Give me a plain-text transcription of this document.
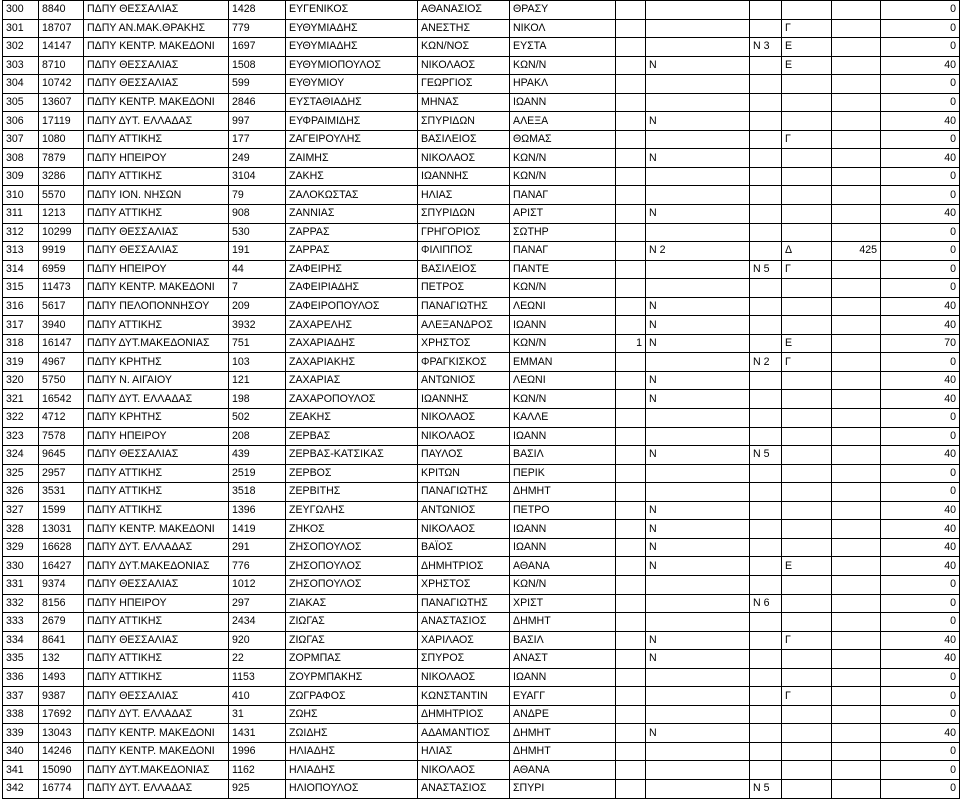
300	8840	ΠΔΠΥ ΘΕΣΣΑΛΙΑΣ	1428	ΕΥΓΕΝΙΚΟΣ	ΑΘΑΝΑΣΙΟΣ	ΘΡΑΣΥ						0
301	18707	ΠΔΠΥ ΑΝ.ΜΑΚ.ΘΡΑΚΗΣ	779	ΕΥΘΥΜΙΑΔΗΣ	ΑΝΕΣΤΗΣ	ΝΙΚΟΛ				Γ		0
302	14147	ΠΔΠΥ ΚΕΝΤΡ. ΜΑΚΕΔΟΝΙ	1697	ΕΥΘΥΜΙΑΔΗΣ	ΚΩΝ/ΝΟΣ	ΕΥΣΤΑ			Ν 3	Ε		0
303	8710	ΠΔΠΥ ΘΕΣΣΑΛΙΑΣ	1508	ΕΥΘΥΜΙΟΠΟΥΛΟΣ	ΝΙΚΟΛΑΟΣ	ΚΩΝ/Ν		Ν		Ε		40
304	10742	ΠΔΠΥ ΘΕΣΣΑΛΙΑΣ	599	ΕΥΘΥΜΙΟΥ	ΓΕΩΡΓΙΟΣ	ΗΡΑΚΛ						0
305	13607	ΠΔΠΥ ΚΕΝΤΡ. ΜΑΚΕΔΟΝΙ	2846	ΕΥΣΤΑΘΙΑΔΗΣ	ΜΗΝΑΣ	ΙΩΑΝΝ						0
306	17119	ΠΔΠΥ ΔΥΤ. ΕΛΛΑΔΑΣ	997	ΕΥΦΡΑΙΜΙΔΗΣ	ΣΠΥΡΙΔΩΝ	ΑΛΕΞΑ		Ν				40
307	1080	ΠΔΠΥ ΑΤΤΙΚΗΣ	177	ΖΑΓΕΙΡΟΥΛΗΣ	ΒΑΣΙΛΕΙΟΣ	ΘΩΜΑΣ				Γ		0
308	7879	ΠΔΠΥ ΗΠΕΙΡΟΥ	249	ΖΑΙΜΗΣ	ΝΙΚΟΛΑΟΣ	ΚΩΝ/Ν		Ν				40
309	3286	ΠΔΠΥ ΑΤΤΙΚΗΣ	3104	ΖΑΚΗΣ	ΙΩΑΝΝΗΣ	ΚΩΝ/Ν						0
310	5570	ΠΔΠΥ ΙΟΝ. ΝΗΣΩΝ	79	ΖΑΛΟΚΩΣΤΑΣ	ΗΛΙΑΣ	ΠΑΝΑΓ						0
311	1213	ΠΔΠΥ ΑΤΤΙΚΗΣ	908	ΖΑΝΝΙΑΣ	ΣΠΥΡΙΔΩΝ	ΑΡΙΣΤ		Ν				40
312	10299	ΠΔΠΥ ΘΕΣΣΑΛΙΑΣ	530	ΖΑΡΡΑΣ	ΓΡΗΓΟΡΙΟΣ	ΣΩΤΗΡ						0
313	9919	ΠΔΠΥ ΘΕΣΣΑΛΙΑΣ	191	ΖΑΡΡΑΣ	ΦΙΛΙΠΠΟΣ	ΠΑΝΑΓ		Ν 2		Δ	425	0
314	6959	ΠΔΠΥ ΗΠΕΙΡΟΥ	44	ΖΑΦΕΙΡΗΣ	ΒΑΣΙΛΕΙΟΣ	ΠΑΝΤΕ			Ν 5	Γ		0
315	11473	ΠΔΠΥ ΚΕΝΤΡ. ΜΑΚΕΔΟΝΙ	7	ΖΑΦΕΙΡΙΑΔΗΣ	ΠΕΤΡΟΣ	ΚΩΝ/Ν						0
316	5617	ΠΔΠΥ ΠΕΛΟΠΟΝΝΗΣΟΥ	209	ΖΑΦΕΙΡΟΠΟΥΛΟΣ	ΠΑΝΑΓΙΩΤΗΣ	ΛΕΩΝΙ		Ν				40
317	3940	ΠΔΠΥ ΑΤΤΙΚΗΣ	3932	ΖΑΧΑΡΕΛΗΣ	ΑΛΕΞΑΝΔΡΟΣ	ΙΩΑΝΝ		Ν				40
318	16147	ΠΔΠΥ ΔΥΤ.ΜΑΚΕΔΟΝΙΑΣ	751	ΖΑΧΑΡΙΑΔΗΣ	ΧΡΗΣΤΟΣ	ΚΩΝ/Ν	1	Ν		Ε		70
319	4967	ΠΔΠΥ ΚΡΗΤΗΣ	103	ΖΑΧΑΡΙΑΚΗΣ	ΦΡΑΓΚΙΣΚΟΣ	ΕΜΜΑΝ			Ν 2	Γ		0
320	5750	ΠΔΠΥ Ν. ΑΙΓΑΙΟΥ	121	ΖΑΧΑΡΙΑΣ	ΑΝΤΩΝΙΟΣ	ΛΕΩΝΙ		Ν				40
321	16542	ΠΔΠΥ ΔΥΤ. ΕΛΛΑΔΑΣ	198	ΖΑΧΑΡΟΠΟΥΛΟΣ	ΙΩΑΝΝΗΣ	ΚΩΝ/Ν		Ν				40
322	4712	ΠΔΠΥ ΚΡΗΤΗΣ	502	ΖΕΑΚΗΣ	ΝΙΚΟΛΑΟΣ	ΚΑΛΛΕ						0
323	7578	ΠΔΠΥ ΗΠΕΙΡΟΥ	208	ΖΕΡΒΑΣ	ΝΙΚΟΛΑΟΣ	ΙΩΑΝΝ						0
324	9645	ΠΔΠΥ ΘΕΣΣΑΛΙΑΣ	439	ΖΕΡΒΑΣ-ΚΑΤΣΙΚΑΣ	ΠΑΥΛΟΣ	ΒΑΣΙΛ		Ν	Ν 5			40
325	2957	ΠΔΠΥ ΑΤΤΙΚΗΣ	2519	ΖΕΡΒΟΣ	ΚΡΙΤΩΝ	ΠΕΡΙΚ						0
326	3531	ΠΔΠΥ ΑΤΤΙΚΗΣ	3518	ΖΕΡΒΙΤΗΣ	ΠΑΝΑΓΙΩΤΗΣ	ΔΗΜΗΤ						0
327	1599	ΠΔΠΥ ΑΤΤΙΚΗΣ	1396	ΖΕΥΓΩΛΗΣ	ΑΝΤΩΝΙΟΣ	ΠΕΤΡΟ		Ν				40
328	13031	ΠΔΠΥ ΚΕΝΤΡ. ΜΑΚΕΔΟΝΙ	1419	ΖΗΚΟΣ	ΝΙΚΟΛΑΟΣ	ΙΩΑΝΝ		Ν				40
329	16628	ΠΔΠΥ ΔΥΤ. ΕΛΛΑΔΑΣ	291	ΖΗΣΟΠΟΥΛΟΣ	ΒΑΪΟΣ	ΙΩΑΝΝ		Ν				40
330	16427	ΠΔΠΥ ΔΥΤ.ΜΑΚΕΔΟΝΙΑΣ	776	ΖΗΣΟΠΟΥΛΟΣ	ΔΗΜΗΤΡΙΟΣ	ΑΘΑΝΑ		Ν		Ε		40
331	9374	ΠΔΠΥ ΘΕΣΣΑΛΙΑΣ	1012	ΖΗΣΟΠΟΥΛΟΣ	ΧΡΗΣΤΟΣ	ΚΩΝ/Ν						0
332	8156	ΠΔΠΥ ΗΠΕΙΡΟΥ	297	ΖΙΑΚΑΣ	ΠΑΝΑΓΙΩΤΗΣ	ΧΡΙΣΤ			Ν 6			0
333	2679	ΠΔΠΥ ΑΤΤΙΚΗΣ	2434	ΖΙΩΓΑΣ	ΑΝΑΣΤΑΣΙΟΣ	ΔΗΜΗΤ						0
334	8641	ΠΔΠΥ ΘΕΣΣΑΛΙΑΣ	920	ΖΙΩΓΑΣ	ΧΑΡΙΛΑΟΣ	ΒΑΣΙΛ		Ν		Γ		40
335	132	ΠΔΠΥ ΑΤΤΙΚΗΣ	22	ΖΟΡΜΠΑΣ	ΣΠΥΡΟΣ	ΑΝΑΣΤ		Ν				40
336	1493	ΠΔΠΥ ΑΤΤΙΚΗΣ	1153	ΖΟΥΡΜΠΑΚΗΣ	ΝΙΚΟΛΑΟΣ	ΙΩΑΝΝ						0
337	9387	ΠΔΠΥ ΘΕΣΣΑΛΙΑΣ	410	ΖΩΓΡΑΦΟΣ	ΚΩΝΣΤΑΝΤΙΝ	ΕΥΑΓΓ				Γ		0
338	17692	ΠΔΠΥ ΔΥΤ. ΕΛΛΑΔΑΣ	31	ΖΩΗΣ	ΔΗΜΗΤΡΙΟΣ	ΑΝΔΡΕ						0
339	13043	ΠΔΠΥ ΚΕΝΤΡ. ΜΑΚΕΔΟΝΙ	1431	ΖΩΙΔΗΣ	ΑΔΑΜΑΝΤΙΟΣ	ΔΗΜΗΤ		Ν				40
340	14246	ΠΔΠΥ ΚΕΝΤΡ. ΜΑΚΕΔΟΝΙ	1996	ΗΛΙΑΔΗΣ	ΗΛΙΑΣ	ΔΗΜΗΤ						0
341	15090	ΠΔΠΥ ΔΥΤ.ΜΑΚΕΔΟΝΙΑΣ	1162	ΗΛΙΑΔΗΣ	ΝΙΚΟΛΑΟΣ	ΑΘΑΝΑ						0
342	16774	ΠΔΠΥ ΔΥΤ. ΕΛΛΑΔΑΣ	925	ΗΛΙΟΠΟΥΛΟΣ	ΑΝΑΣΤΑΣΙΟΣ	ΣΠΥΡΙ			Ν 5			0
